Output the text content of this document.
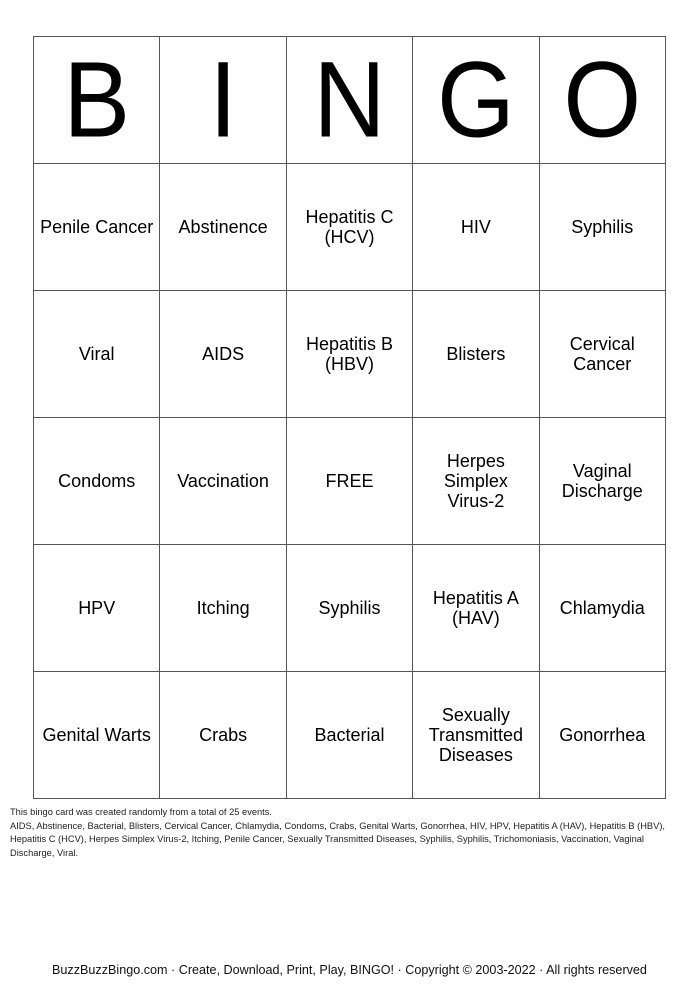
B	I	N	G	O
Penile Cancer	Abstinence	Hepatitis C (HCV)	HIV	Syphilis
Viral	AIDS	Hepatitis B (HBV)	Blisters	Cervical Cancer
Condoms	Vaccination	FREE	Herpes Simplex Virus-2	Vaginal Discharge
HPV	Itching	Syphilis	Hepatitis A (HAV)	Chlamydia
Genital Warts	Crabs	Bacterial	Sexually Transmitted Diseases	Gonorrhea

This bingo card was created randomly from a total of 25 events.

AIDS, Abstinence, Bacterial, Blisters, Cervical Cancer, Chlamydia, Condoms, Crabs, Genital Warts, Gonorrhea, HIV, HPV, Hepatitis A (HAV), Hepatitis B (HBV), Hepatitis C (HCV), Herpes Simplex Virus-2, Itching, Penile Cancer, Sexually Transmitted Diseases, Syphilis, Syphilis, Trichomoniasis, Vaccination, Vaginal Discharge, Viral.

BuzzBuzzBingo.com · Create, Download, Print, Play, BINGO! · Copyright © 2003-2022 · All rights reserved
